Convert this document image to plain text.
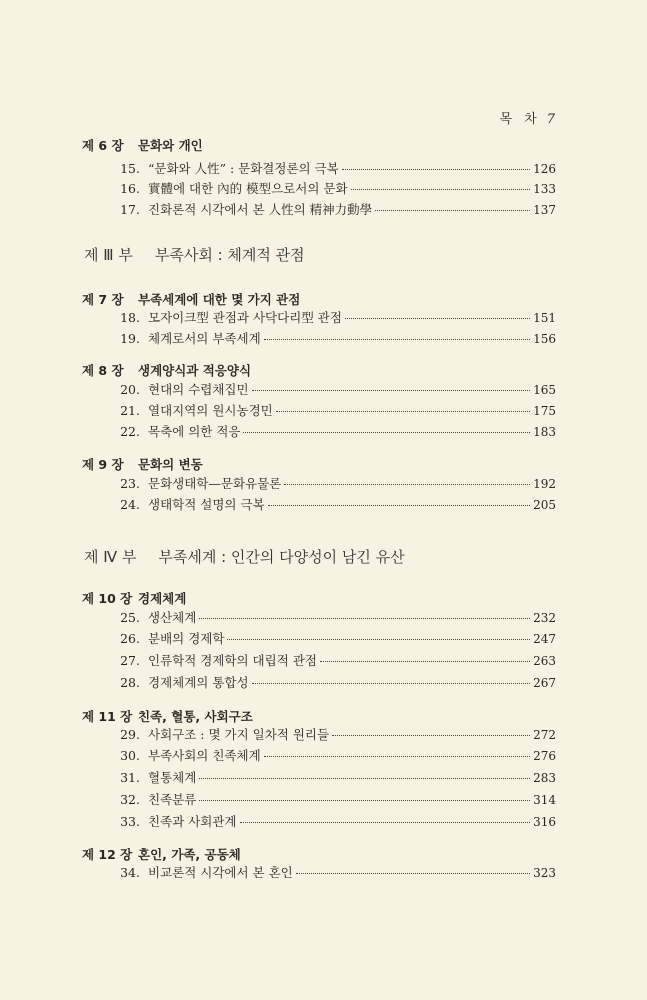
목 차 7
제 6 장 문화와 개인
15. “문화와 人性” : 문화결정론의 극복	126
16. 實體에 대한 內的 模型으로서의 문화	133
17. 진화론적 시각에서 본 人性의 精神力動學	137
제 Ⅲ 부 부족사회 : 체계적 관점
제 7 장 부족세계에 대한 몇 가지 관점
18. 모자이크型 관점과 사닥다리型 관점	151
19. 체계로서의 부족세계	156
제 8 장 생계양식과 적응양식
20. 현대의 수렵채집민	165
21. 열대지역의 원시농경민	175
22. 목축에 의한 적응	183
제 9 장 문화의 변동
23. 문화생태학—문화유물론	192
24. 생태학적 설명의 극복	205
제 Ⅳ 부 부족세계 : 인간의 다양성이 남긴 유산
제 10 장 경제체계
25. 생산체계	232
26. 분배의 경제학	247
27. 인류학적 경제학의 대립적 관점	263
28. 경제체계의 통합성	267
제 11 장 친족, 혈통, 사회구조
29. 사회구조 : 몇 가지 일차적 원리들	272
30. 부족사회의 친족체계	276
31. 혈통체계	283
32. 친족분류	314
33. 친족과 사회관계	316
제 12 장 혼인, 가족, 공동체
34. 비교론적 시각에서 본 혼인	323
